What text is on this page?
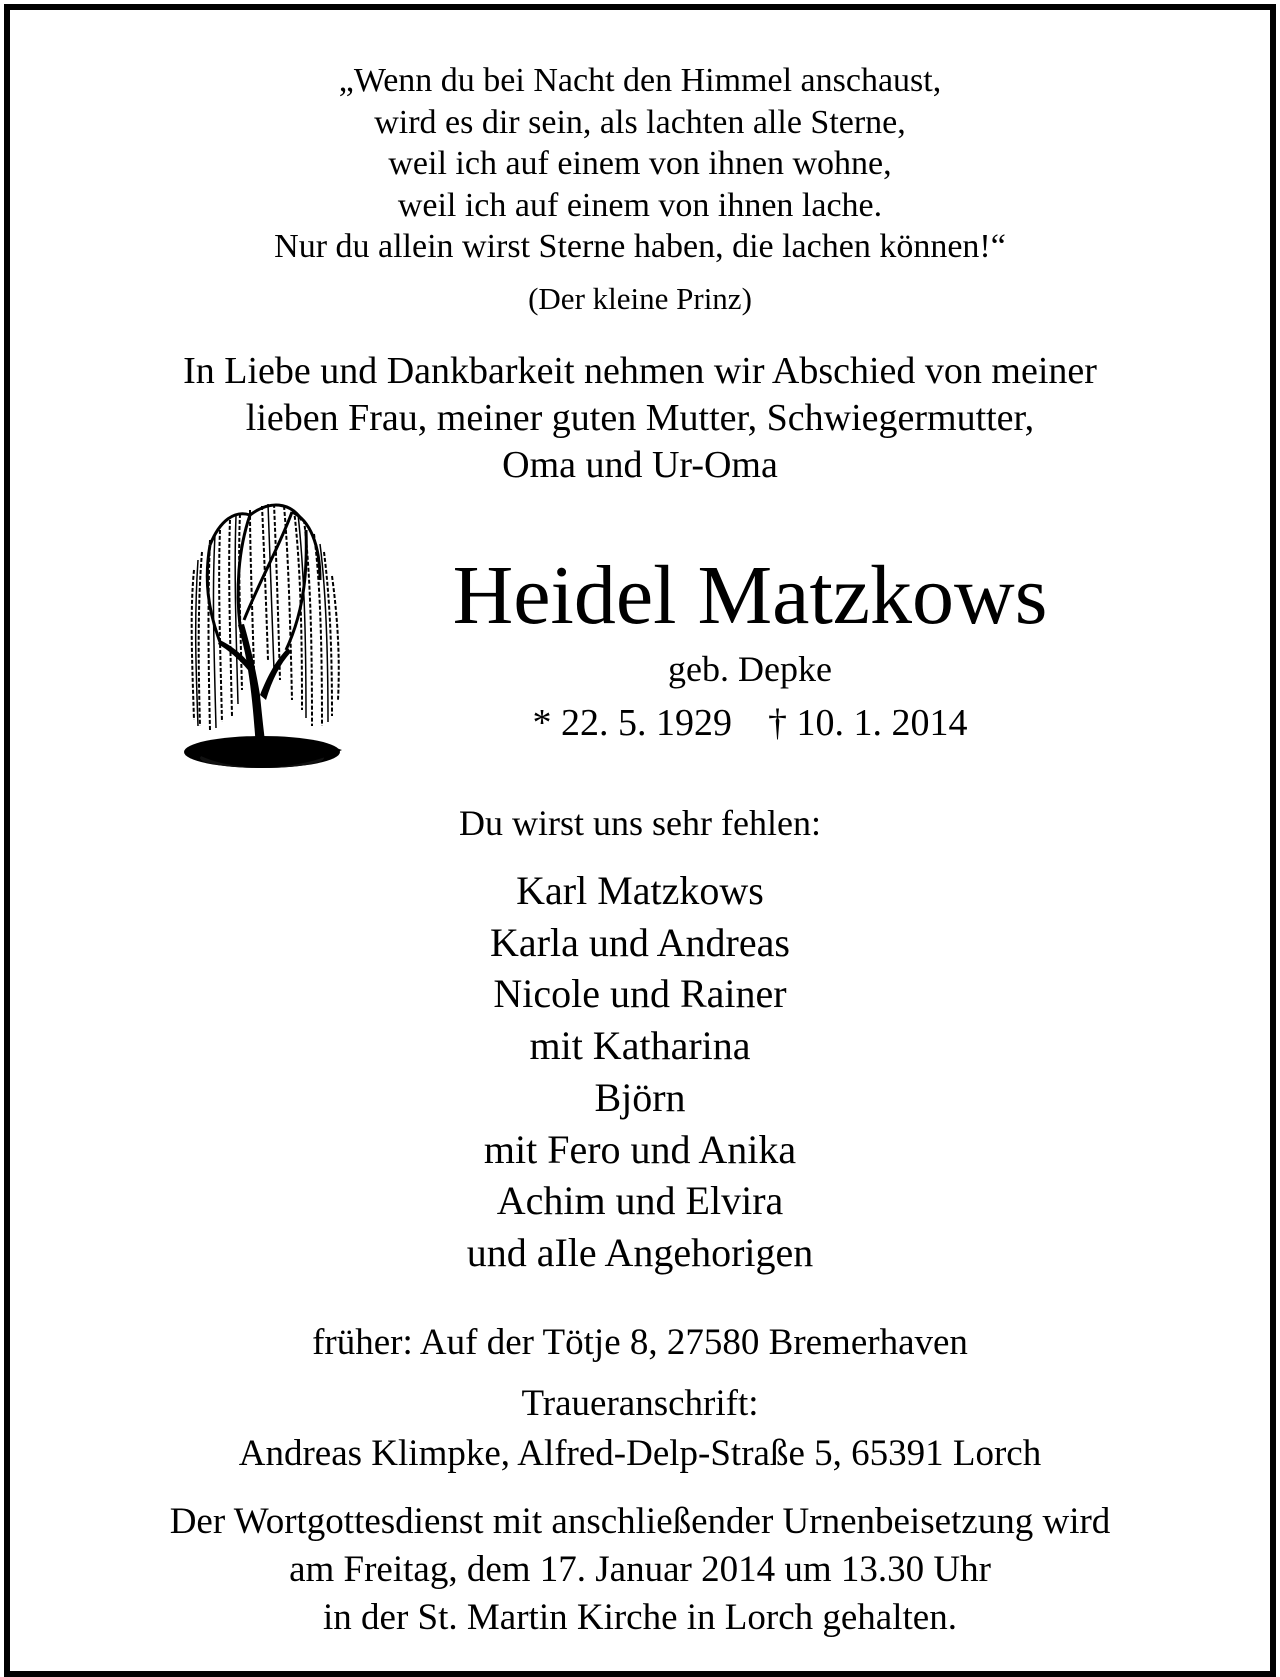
„Wenn du bei Nacht den Himmel anschaust,
wird es dir sein, als lachten alle Sterne,
weil ich auf einem von ihnen wohne,
weil ich auf einem von ihnen lache.
Nur du allein wirst Sterne haben, die lachen können!“
(Der kleine Prinz)
In Liebe und Dankbarkeit nehmen wir Abschied von meiner
lieben Frau, meiner guten Mutter, Schwiegermutter,
Oma und Ur-Oma
Heidel Matzkows
geb. Depke
* 22. 5. 1929 † 10. 1. 2014
Du wirst uns sehr fehlen:
Karl Matzkows
Karla und Andreas
Nicole und Rainer
mit Katharina
Björn
mit Fero und Anika
Achim und Elvira
und aIle Angehorigen
früher: Auf der Tötje 8, 27580 Bremerhaven
Traueranschrift:
Andreas Klimpke, Alfred-Delp-Straße 5, 65391 Lorch
Der Wortgottesdienst mit anschließender Urnenbeisetzung wird
am Freitag, dem 17. Januar 2014 um 13.30 Uhr
in der St. Martin Kirche in Lorch gehalten.
